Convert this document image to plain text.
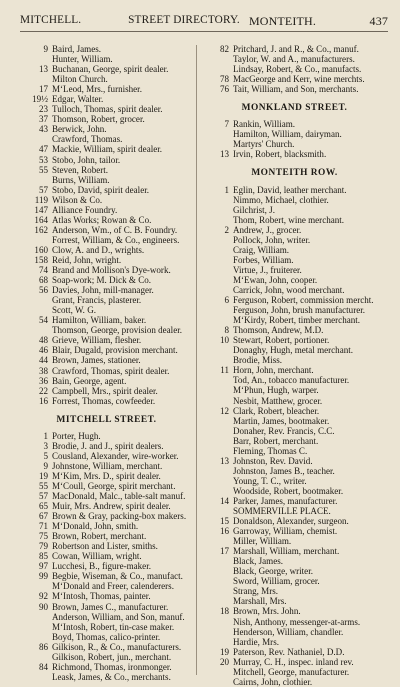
MITCHELL.	STREET DIRECTORY. MONTEITH.	437
9 Baird, James.
Hunter, William.
13 Buchanan, George, spirit dealer.
Milton Church.
17 M‘Leod, Mrs., furnisher.
19½ Edgar, Walter.
23 Tulloch, Thomas, spirit dealer.
37 Thomson, Robert, grocer.
43 Berwick, John.
Crawford, Thomas.
47 Mackie, William, spirit dealer.
53 Stobo, John, tailor.
55 Steven, Robert.
Burns, William.
57 Stobo, David, spirit dealer.
119 Wilson & Co.
147 Alliance Foundry.
164 Atlas Works; Rowan & Co.
162 Anderson, Wm., of C. B. Foundry.
Forrest, William, & Co., engineers.
160 Clow, A. and D., wrights.
158 Reid, John, wright.
74 Brand and Mollison's Dye-work.
68 Soap-work; M. Dick & Co.
56 Davies, John, mill-manager.
Grant, Francis, plasterer.
Scott, W. G.
54 Hamilton, William, baker.
Thomson, George, provision dealer.
48 Grieve, William, flesher.
46 Blair, Dugald, provision merchant.
44 Brown, James, stationer.
38 Crawford, Thomas, spirit dealer.
36 Bain, George, agent.
22 Campbell, Mrs., spirit dealer.
16 Forrest, Thomas, cowfeeder.
MITCHELL STREET.
1 Porter, Hugh.
3 Brodie, J. and J., spirit dealers.
5 Cousland, Alexander, wire-worker.
9 Johnstone, William, merchant.
19 M‘Kim, Mrs. D., spirit dealer.
55 M‘Coull, George, spirit merchant.
57 MacDonald, Malc., table-salt manuf.
65 Muir, Mrs. Andrew, spirit dealer.
67 Brown & Gray, packing-box makers.
71 M‘Donald, John, smith.
75 Brown, Robert, merchant.
79 Robertson and Lister, smiths.
85 Cowan, William, wright.
97 Lucchesi, B., figure-maker.
99 Begbie, Wiseman, & Co., manufact.
M‘Donald and Freer, calenderers.
92 M‘Intosh, Thomas, painter.
90 Brown, James C., manufacturer.
Anderson, William, and Son, manuf.
M‘Intosh, Robert, tin-case maker.
Boyd, Thomas, calico-printer.
86 Gilkison, R., & Co., manufacturers.
Gilkison, Robert, jun., merchant.
84 Richmond, Thomas, ironmonger.
Leask, James, & Co., merchants.
82 Pritchard, J. and R., & Co., manuf.
Taylor, W. and A., manufacturers.
Lindsay, Robert, & Co., manufacts.
78 MacGeorge and Kerr, wine merchts.
76 Tait, William, and Son, merchants.
MONKLAND STREET.
7 Rankin, William.
Hamilton, William, dairyman.
Martyrs' Church.
13 Irvin, Robert, blacksmith.
MONTEITH ROW.
1 Eglin, David, leather merchant.
Nimmo, Michael, clothier.
Gilchrist, J.
Thom, Robert, wine merchant.
2 Andrew, J., grocer.
Pollock, John, writer.
Craig, William.
Forbes, William.
Virtue, J., fruiterer.
M‘Ewan, John, cooper.
Carrick, John, wood merchant.
6 Ferguson, Robert, commission mercht.
Ferguson, John, brush manufacturer.
M‘Kirdy, Robert, timber merchant.
8 Thomson, Andrew, M.D.
10 Stewart, Robert, portioner.
Donaghy, Hugh, metal merchant.
Brodie, Miss.
11 Horn, John, merchant.
Tod, An., tobacco manufacturer.
M‘Phun, Hugh, warper.
Nesbit, Matthew, grocer.
12 Clark, Robert, bleacher.
Martin, James, bootmaker.
Donaher, Rev. Francis, C.C.
Barr, Robert, merchant.
Fleming, Thomas C.
13 Johnston, Rev. David.
Johnston, James B., teacher.
Young, T. C., writer.
Woodside, Robert, bootmaker.
14 Parker, James, manufacturer.
SOMMERVILLE PLACE.
15 Donaldson, Alexander, surgeon.
16 Garroway, William, chemist.
Miller, William.
17 Marshall, William, merchant.
Black, James.
Black, George, writer.
Sword, William, grocer.
Strang, Mrs.
Marshall, Mrs.
18 Brown, Mrs. John.
Nish, Anthony, messenger-at-arms.
Henderson, William, chandler.
Hardie, Mrs.
19 Paterson, Rev. Nathaniel, D.D.
20 Murray, C. H., inspec. inland rev.
Mitchell, George, manufacturer.
Cairns, John, clothier.
